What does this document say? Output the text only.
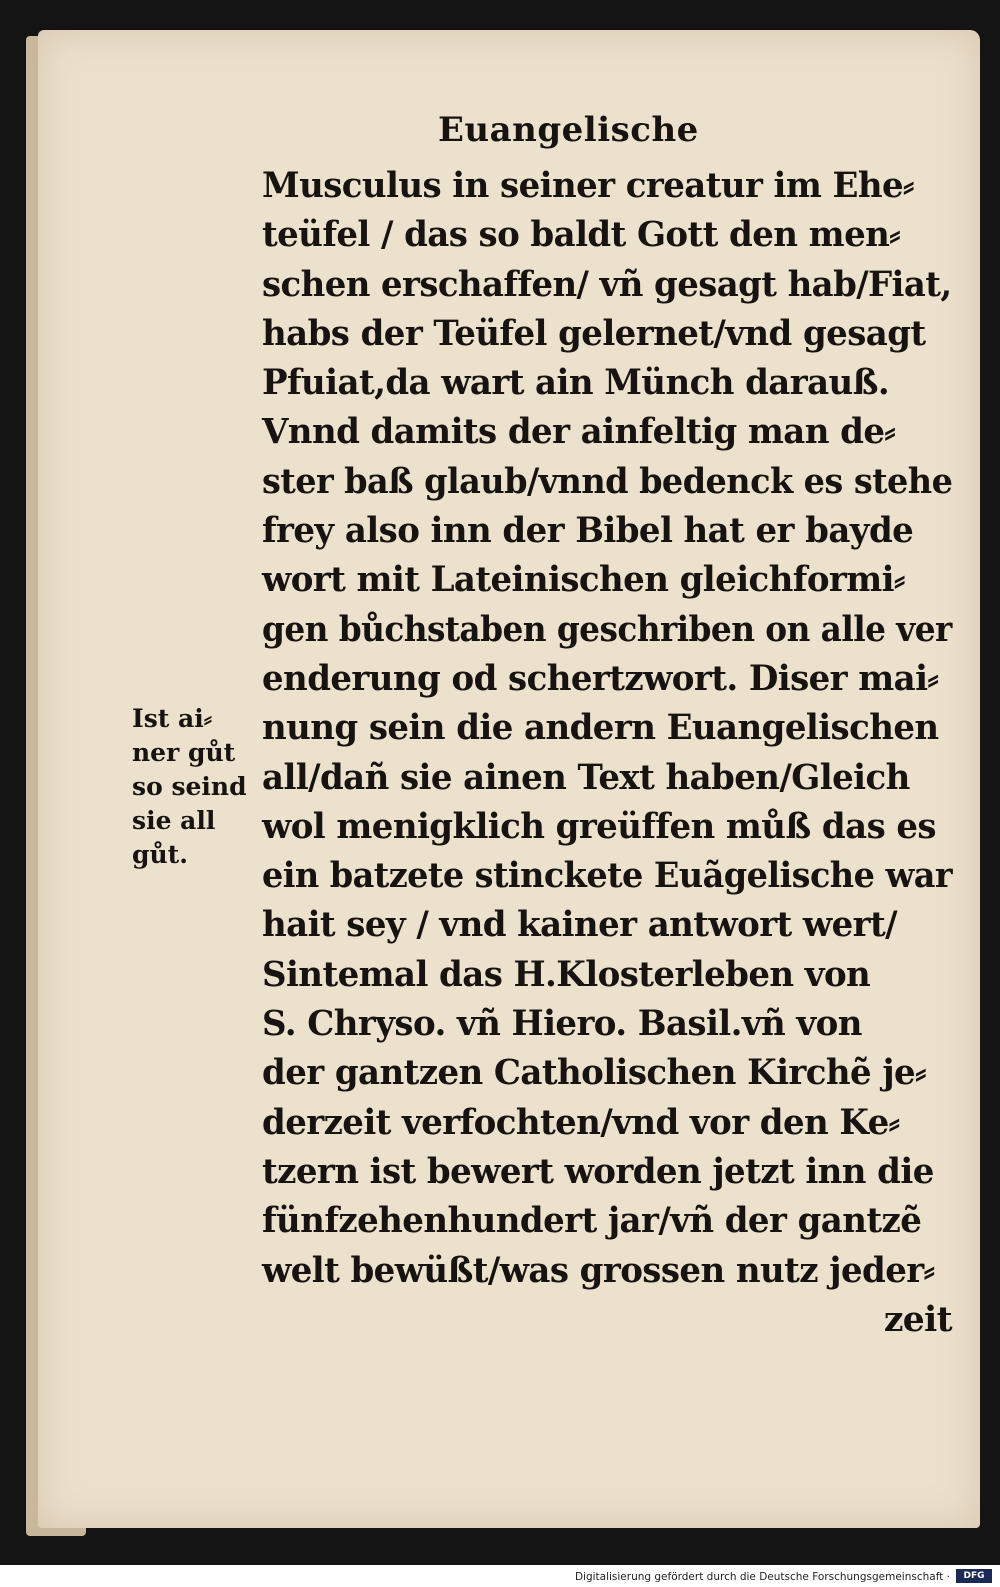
Euangelische
Musculus in seiner creatur im Ehe⸗
teüfel / das so baldt Gott den men⸗
schen erschaffen/ vñ gesagt hab/Fiat,
habs der Teüfel gelernet/vnd gesagt
Pfuiat,da wart ain Münch darauß.
Vnnd damits der ainfeltig man de⸗
ster baß glaub/vnnd bedenck es stehe
frey also inn der Bibel hat er bayde
wort mit Lateinischen gleichformi⸗
gen bůchstaben geschriben on alle ver
enderung od schertzwort. Diser mai⸗
nung sein die andern Euangelischen
all/dañ sie ainen Text haben/Gleich
wol menigklich greüffen můß das es
ein batzete stinckete Euãgelische war
hait sey / vnd kainer antwort wert/
Sintemal das H.Klosterleben von
S. Chryso. vñ Hiero. Basil.vñ von
der gantzen Catholischen Kirchẽ je⸗
derzeit verfochten/vnd vor den Ke⸗
tzern ist bewert worden jetzt inn die
fünfzehenhundert jar/vñ der gantzẽ
welt bewüßt/was grossen nutz jeder⸗
zeit
Ist ai⸗
ner gůt
so seind
sie all
gůt.
Digitalisierung gefördert durch die Deutsche Forschungsgemeinschaft ·	DFG
